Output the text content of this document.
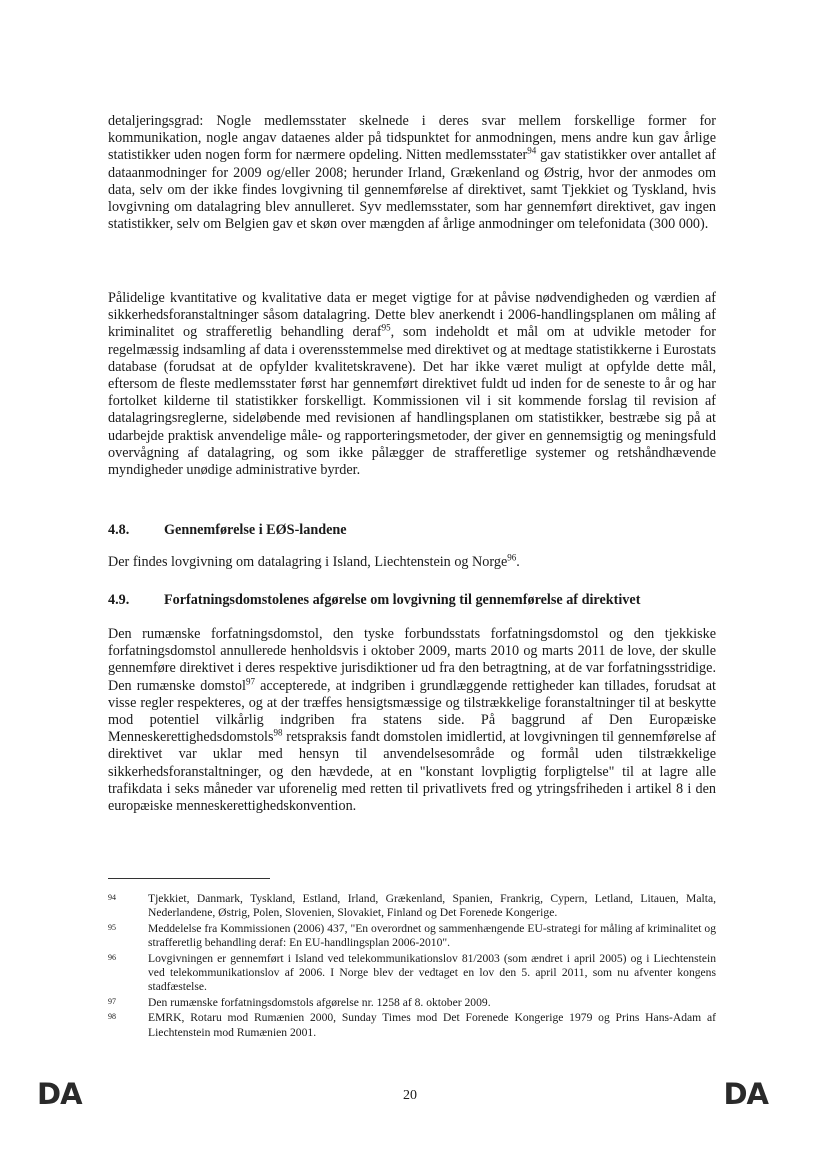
detaljeringsgrad: Nogle medlemsstater skelnede i deres svar mellem forskellige former for kommunikation, nogle angav dataenes alder på tidspunktet for anmodningen, mens andre kun gav årlige statistikker uden nogen form for nærmere opdeling. Nitten medlemsstater$^{94}$ gav statistikker over antallet af dataanmodninger for 2009 og/eller 2008; herunder Irland, Grækenland og Østrig, hvor der anmodes om data, selv om der ikke findes lovgivning til gennemførelse af direktivet, samt Tjekkiet og Tyskland, hvis lovgivning om datalagring blev annulleret. Syv medlemsstater, som har gennemført direktivet, gav ingen statistikker, selv om Belgien gav et skøn over mængden af årlige anmodninger om telefonidata (300 000).

Pålidelige kvantitative og kvalitative data er meget vigtige for at påvise nødvendigheden og værdien af sikkerhedsforanstaltninger såsom datalagring. Dette blev anerkendt i 2006-handlingsplanen om måling af kriminalitet og strafferetlig behandling deraf$^{95}$, som indeholdt et mål om at udvikle metoder for regelmæssig indsamling af data i overensstemmelse med direktivet og at medtage statistikkerne i Eurostats database (forudsat at de opfylder kvalitetskravene). Det har ikke været muligt at opfylde dette mål, eftersom de fleste medlemsstater først har gennemført direktivet fuldt ud inden for de seneste to år og har fortolket kilderne til statistikker forskelligt. Kommissionen vil i sit kommende forslag til revision af datalagringsreglerne, sideløbende med revisionen af handlingsplanen om statistikker, bestræbe sig på at udarbejde praktisk anvendelige måle- og rapporteringsmetoder, der giver en gennemsigtig og meningsfuld overvågning af datalagring, og som ikke pålægger de strafferetlige systemer og retshåndhævende myndigheder unødige administrative byrder.

4.8. Gennemførelse i EØS-landene

Der findes lovgivning om datalagring i Island, Liechtenstein og Norge$^{96}$.

4.9. Forfatningsdomstolenes afgørelse om lovgivning til gennemførelse af direktivet

Den rumænske forfatningsdomstol, den tyske forbundsstats forfatningsdomstol og den tjekkiske forfatningsdomstol annullerede henholdsvis i oktober 2009, marts 2010 og marts 2011 de love, der skulle gennemføre direktivet i deres respektive jurisdiktioner ud fra den betragtning, at de var forfatningsstridige. Den rumænske domstol$^{97}$ accepterede, at indgriben i grundlæggende rettigheder kan tillades, forudsat at visse regler respekteres, og at der træffes hensigtsmæssige og tilstrækkelige foranstaltninger til at beskytte mod potentiel vilkårlig indgriben fra statens side. På baggrund af Den Europæiske Menneskerettighedsdomstols$^{98}$ retspraksis fandt domstolen imidlertid, at lovgivningen til gennemførelse af direktivet var uklar med hensyn til anvendelsesområde og formål uden tilstrækkelige sikkerhedsforanstaltninger, og den hævdede, at en "konstant lovpligtig forpligtelse" til at lagre alle trafikdata i seks måneder var uforenelig med retten til privatlivets fred og ytringsfriheden i artikel 8 i den europæiske menneskerettighedskonvention.

94	Tjekkiet, Danmark, Tyskland, Estland, Irland, Grækenland, Spanien, Frankrig, Cypern, Letland, Litauen, Malta, Nederlandene, Østrig, Polen, Slovenien, Slovakiet, Finland og Det Forenede Kongerige.
95	Meddelelse fra Kommissionen (2006) 437, "En overordnet og sammenhængende EU-strategi for måling af kriminalitet og strafferetlig behandling deraf: En EU-handlingsplan 2006-2010".
96	Lovgivningen er gennemført i Island ved telekommunikationslov 81/2003 (som ændret i april 2005) og i Liechtenstein ved telekommunikationslov af 2006. I Norge blev der vedtaget en lov den 5. april 2011, som nu afventer kongens stadfæstelse.
97	Den rumænske forfatningsdomstols afgørelse nr. 1258 af 8. oktober 2009.
98	EMRK, Rotaru mod Rumænien 2000, Sunday Times mod Det Forenede Kongerige 1979 og Prins Hans-Adam af Liechtenstein mod Rumænien 2001.
DA	20	DA
